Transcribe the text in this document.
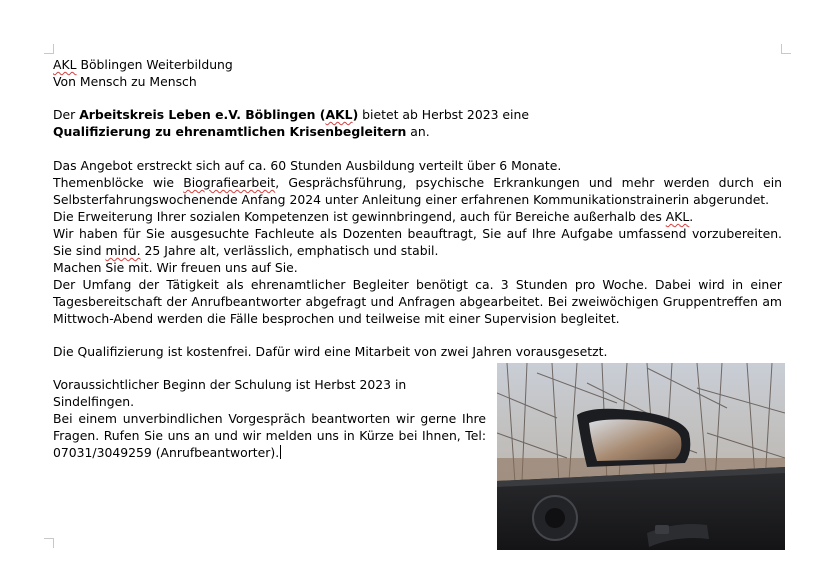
AKL Böblingen Weiterbildung

Von Mensch zu Mensch

Der Arbeitskreis Leben e.V. Böblingen (AKL) bietet ab Herbst 2023 eine

Qualifizierung zu ehrenamtlichen Krisenbegleitern an.

Das Angebot erstreckt sich auf ca. 60 Stunden Ausbildung verteilt über 6 Monate.

Themenblöcke wie Biografiearbeit, Gesprächsführung, psychische Erkrankungen und mehr werden durch ein Selbsterfahrungswochenende Anfang 2024 unter Anleitung einer erfahrenen Kommunikationstrainerin abgerundet.

Die Erweiterung Ihrer sozialen Kompetenzen ist gewinnbringend, auch für Bereiche außerhalb des AKL.

Wir haben für Sie ausgesuchte Fachleute als Dozenten beauftragt, Sie auf Ihre Aufgabe umfassend vorzubereiten. Sie sind mind. 25 Jahre alt, verlässlich, emphatisch und stabil.

Machen Sie mit. Wir freuen uns auf Sie.

Der Umfang der Tätigkeit als ehrenamtlicher Begleiter benötigt ca. 3 Stunden pro Woche. Dabei wird in einer Tagesbereitschaft der Anrufbeantworter abgefragt und Anfragen abgearbeitet. Bei zweiwöchigen Gruppentreffen am Mittwoch-Abend werden die Fälle besprochen und teilweise mit einer Supervision begleitet.

Die Qualifizierung ist kostenfrei. Dafür wird eine Mitarbeit von zwei Jahren vorausgesetzt.

Voraussichtlicher Beginn der Schulung ist Herbst 2023 in Sindelfingen.

Bei einem unverbindlichen Vorgespräch beantworten wir gerne Ihre Fragen. Rufen Sie uns an und wir melden uns in Kürze bei Ihnen, Tel: 07031/3049259 (Anrufbeantworter).
